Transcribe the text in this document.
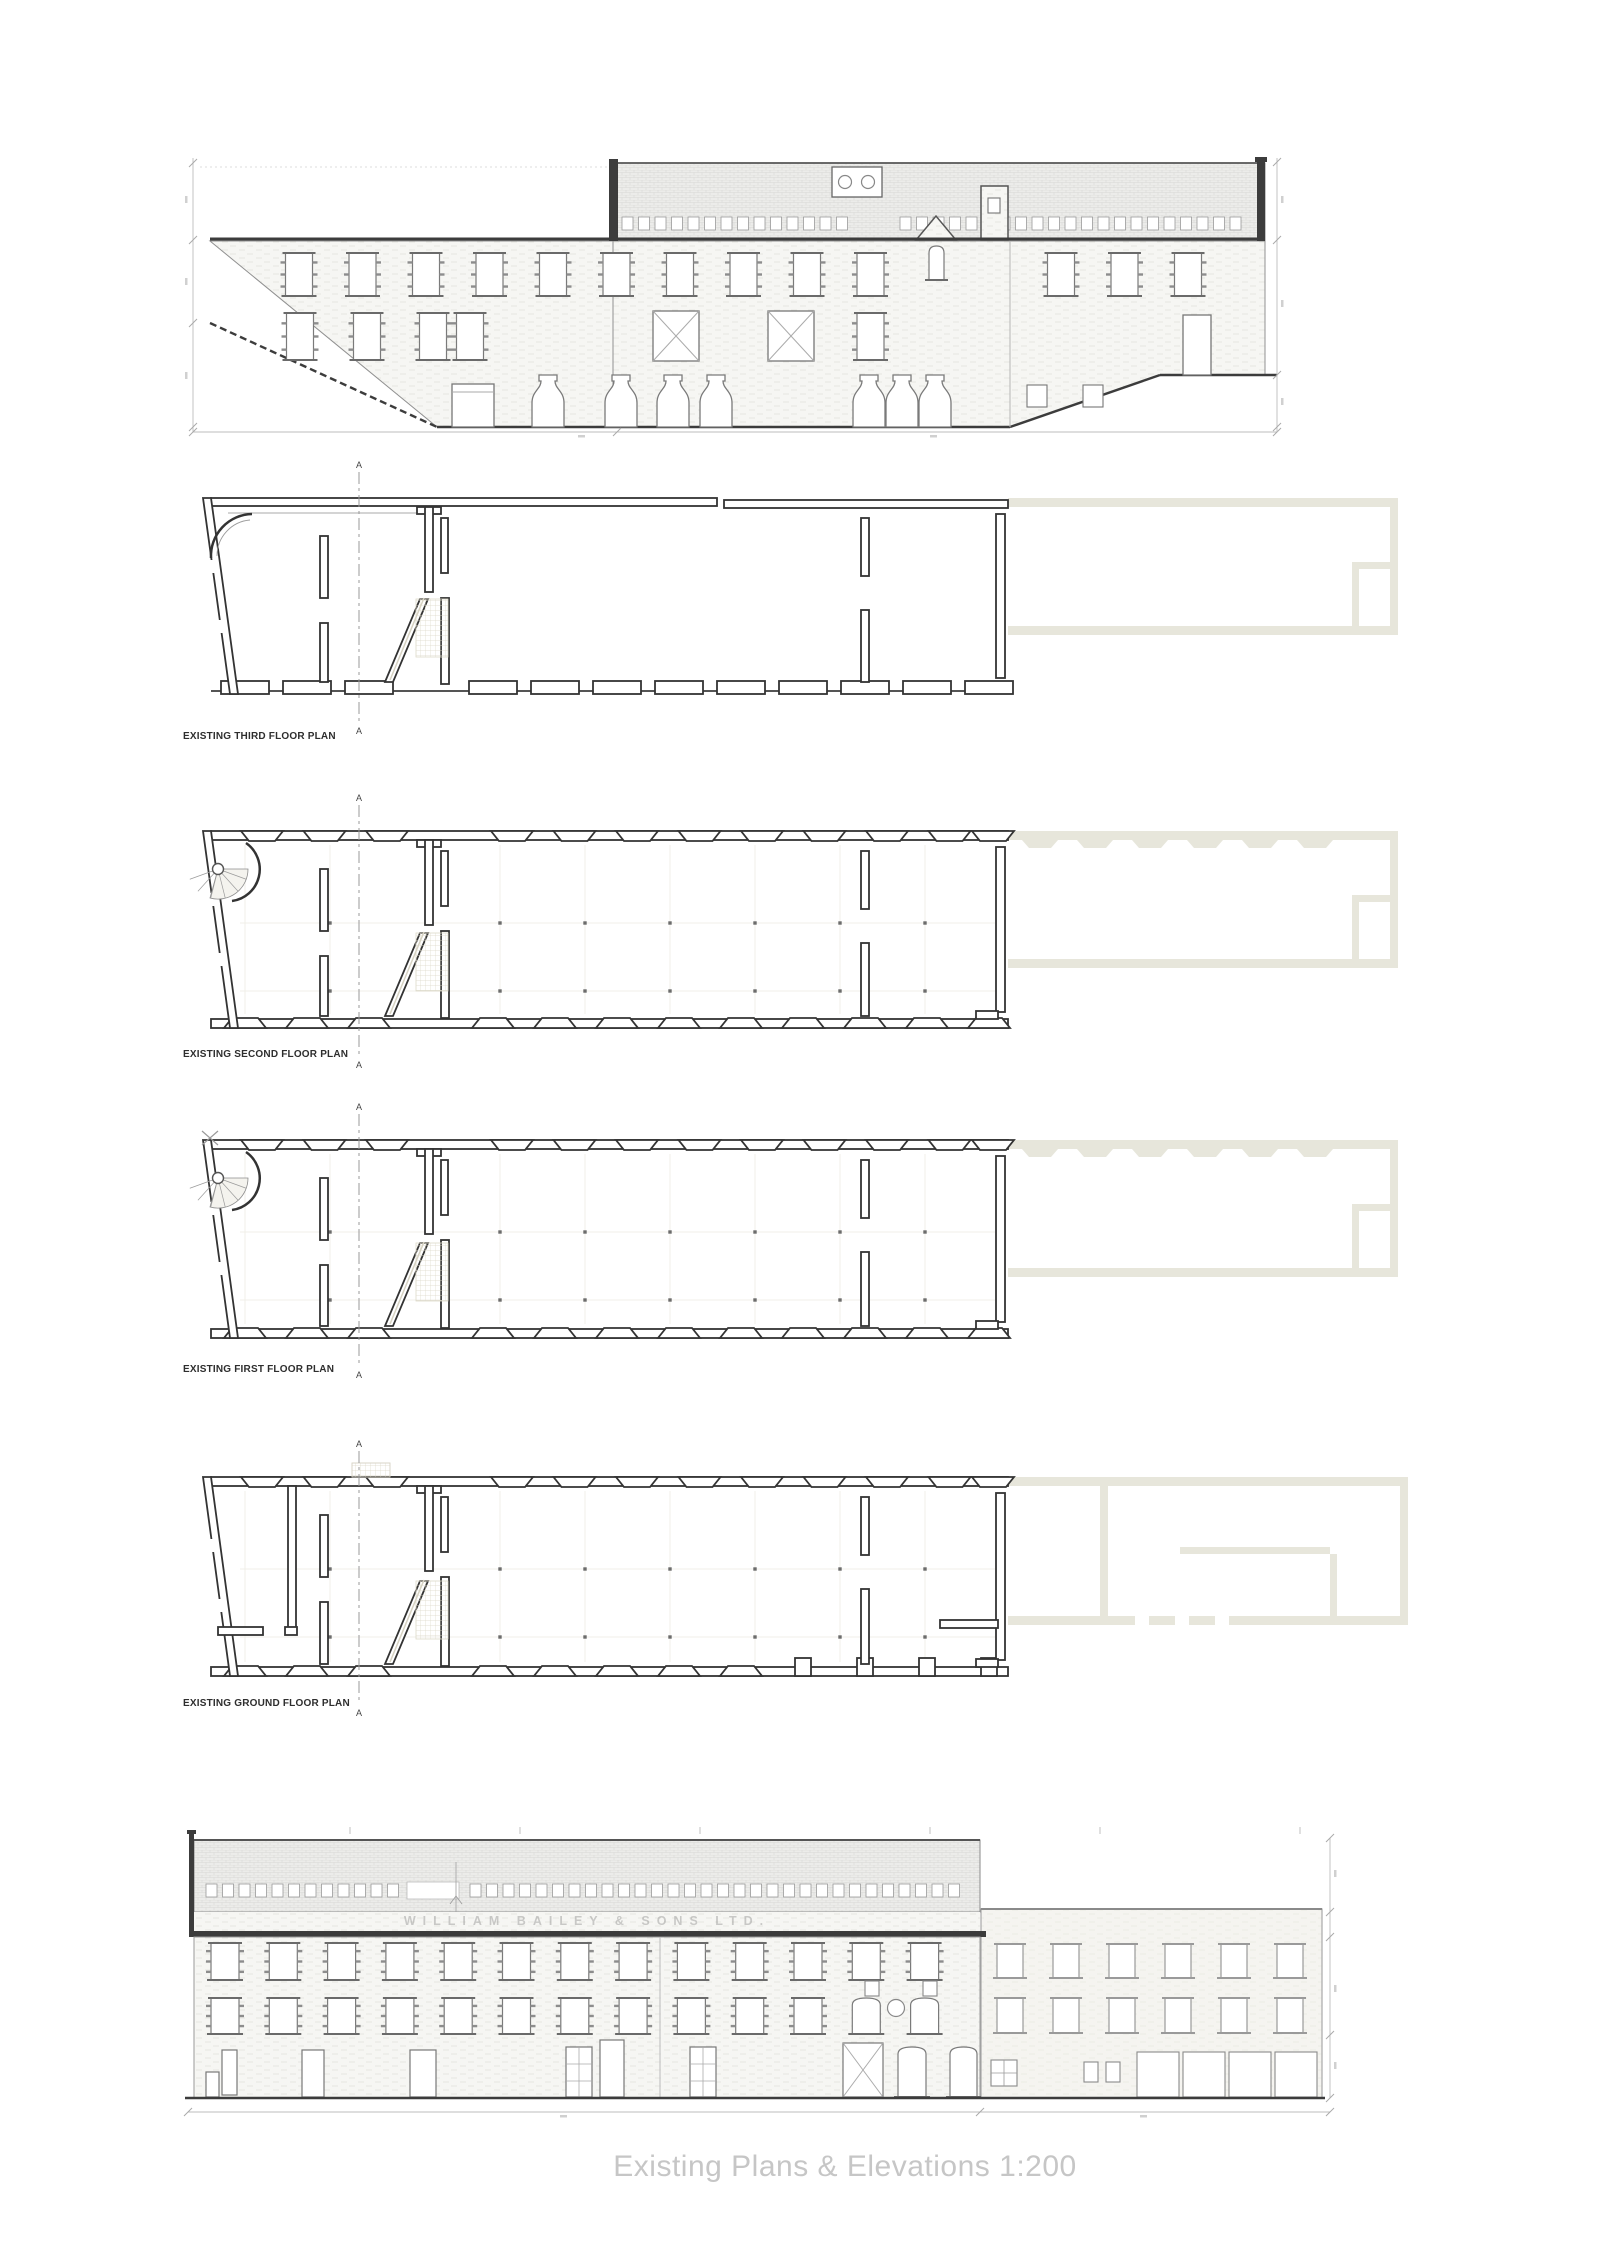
A
A
A
A
A
A
A
A
EXISTING THIRD FLOOR PLAN
EXISTING SECOND FLOOR PLAN
EXISTING FIRST FLOOR PLAN
EXISTING GROUND FLOOR PLAN
WILLIAM BAILEY & SONS LTD.
Existing Plans & Elevations 1:200
